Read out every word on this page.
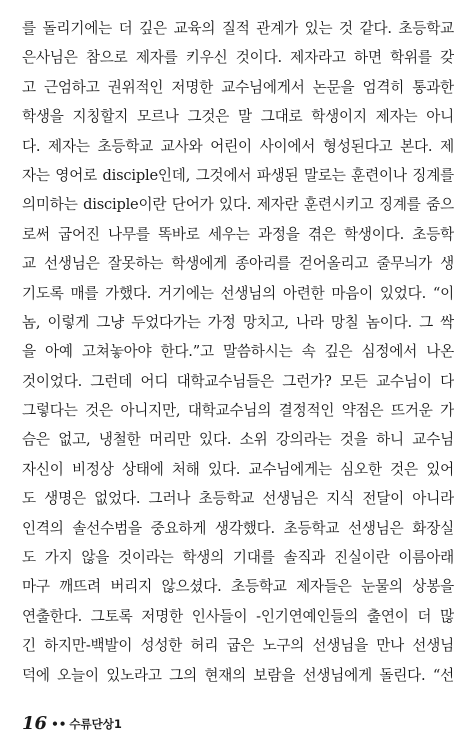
를 돌리기에는 더 깊은 교육의 질적 관계가 있는 것 같다. 초등학교
은사님은 참으로 제자를 키우신 것이다. 제자라고 하면 학위를 갖
고 근엄하고 권위적인 저명한 교수님에게서 논문을 엄격히 통과한
학생을 지칭할지 모르나 그것은 말 그대로 학생이지 제자는 아니
다. 제자는 초등학교 교사와 어린이 사이에서 형성된다고 본다. 제
자는 영어로 disciple인데, 그것에서 파생된 말로는 훈련이나 징계를
의미하는 disciple이란 단어가 있다. 제자란 훈련시키고 징계를 줌으
로써 굽어진 나무를 똑바로 세우는 과정을 겪은 학생이다. 초등학
교 선생님은 잘못하는 학생에게 종아리를 걷어올리고 줄무늬가 생
기도록 매를 가했다. 거기에는 선생님의 아련한 마음이 있었다. “이
놈, 이렇게 그냥 두었다가는 가정 망치고, 나라 망칠 놈이다. 그 싹
을 아예 고쳐놓아야 한다.”고 말씀하시는 속 깊은 심정에서 나온
것이었다. 그런데 어디 대학교수님들은 그런가? 모든 교수님이 다
그렇다는 것은 아니지만, 대학교수님의 결정적인 약점은 뜨거운 가
슴은 없고, 냉철한 머리만 있다. 소위 강의라는 것을 하니 교수님
자신이 비정상 상태에 처해 있다. 교수님에게는 심오한 것은 있어
도 생명은 없었다. 그러나 초등학교 선생님은 지식 전달이 아니라
인격의 솔선수범을 중요하게 생각했다. 초등학교 선생님은 화장실
도 가지 않을 것이라는 학생의 기대를 솔직과 진실이란 이름아래
마구 깨뜨려 버리지 않으셨다. 초등학교 제자들은 눈물의 상봉을
연출한다. 그토록 저명한 인사들이 -인기연예인들의 출연이 더 많
긴 하지만-백발이 성성한 허리 굽은 노구의 선생님을 만나 선생님
덕에 오늘이 있노라고 그의 현재의 보람을 선생님에게 돌린다. “선
16 •• 수류단상1
